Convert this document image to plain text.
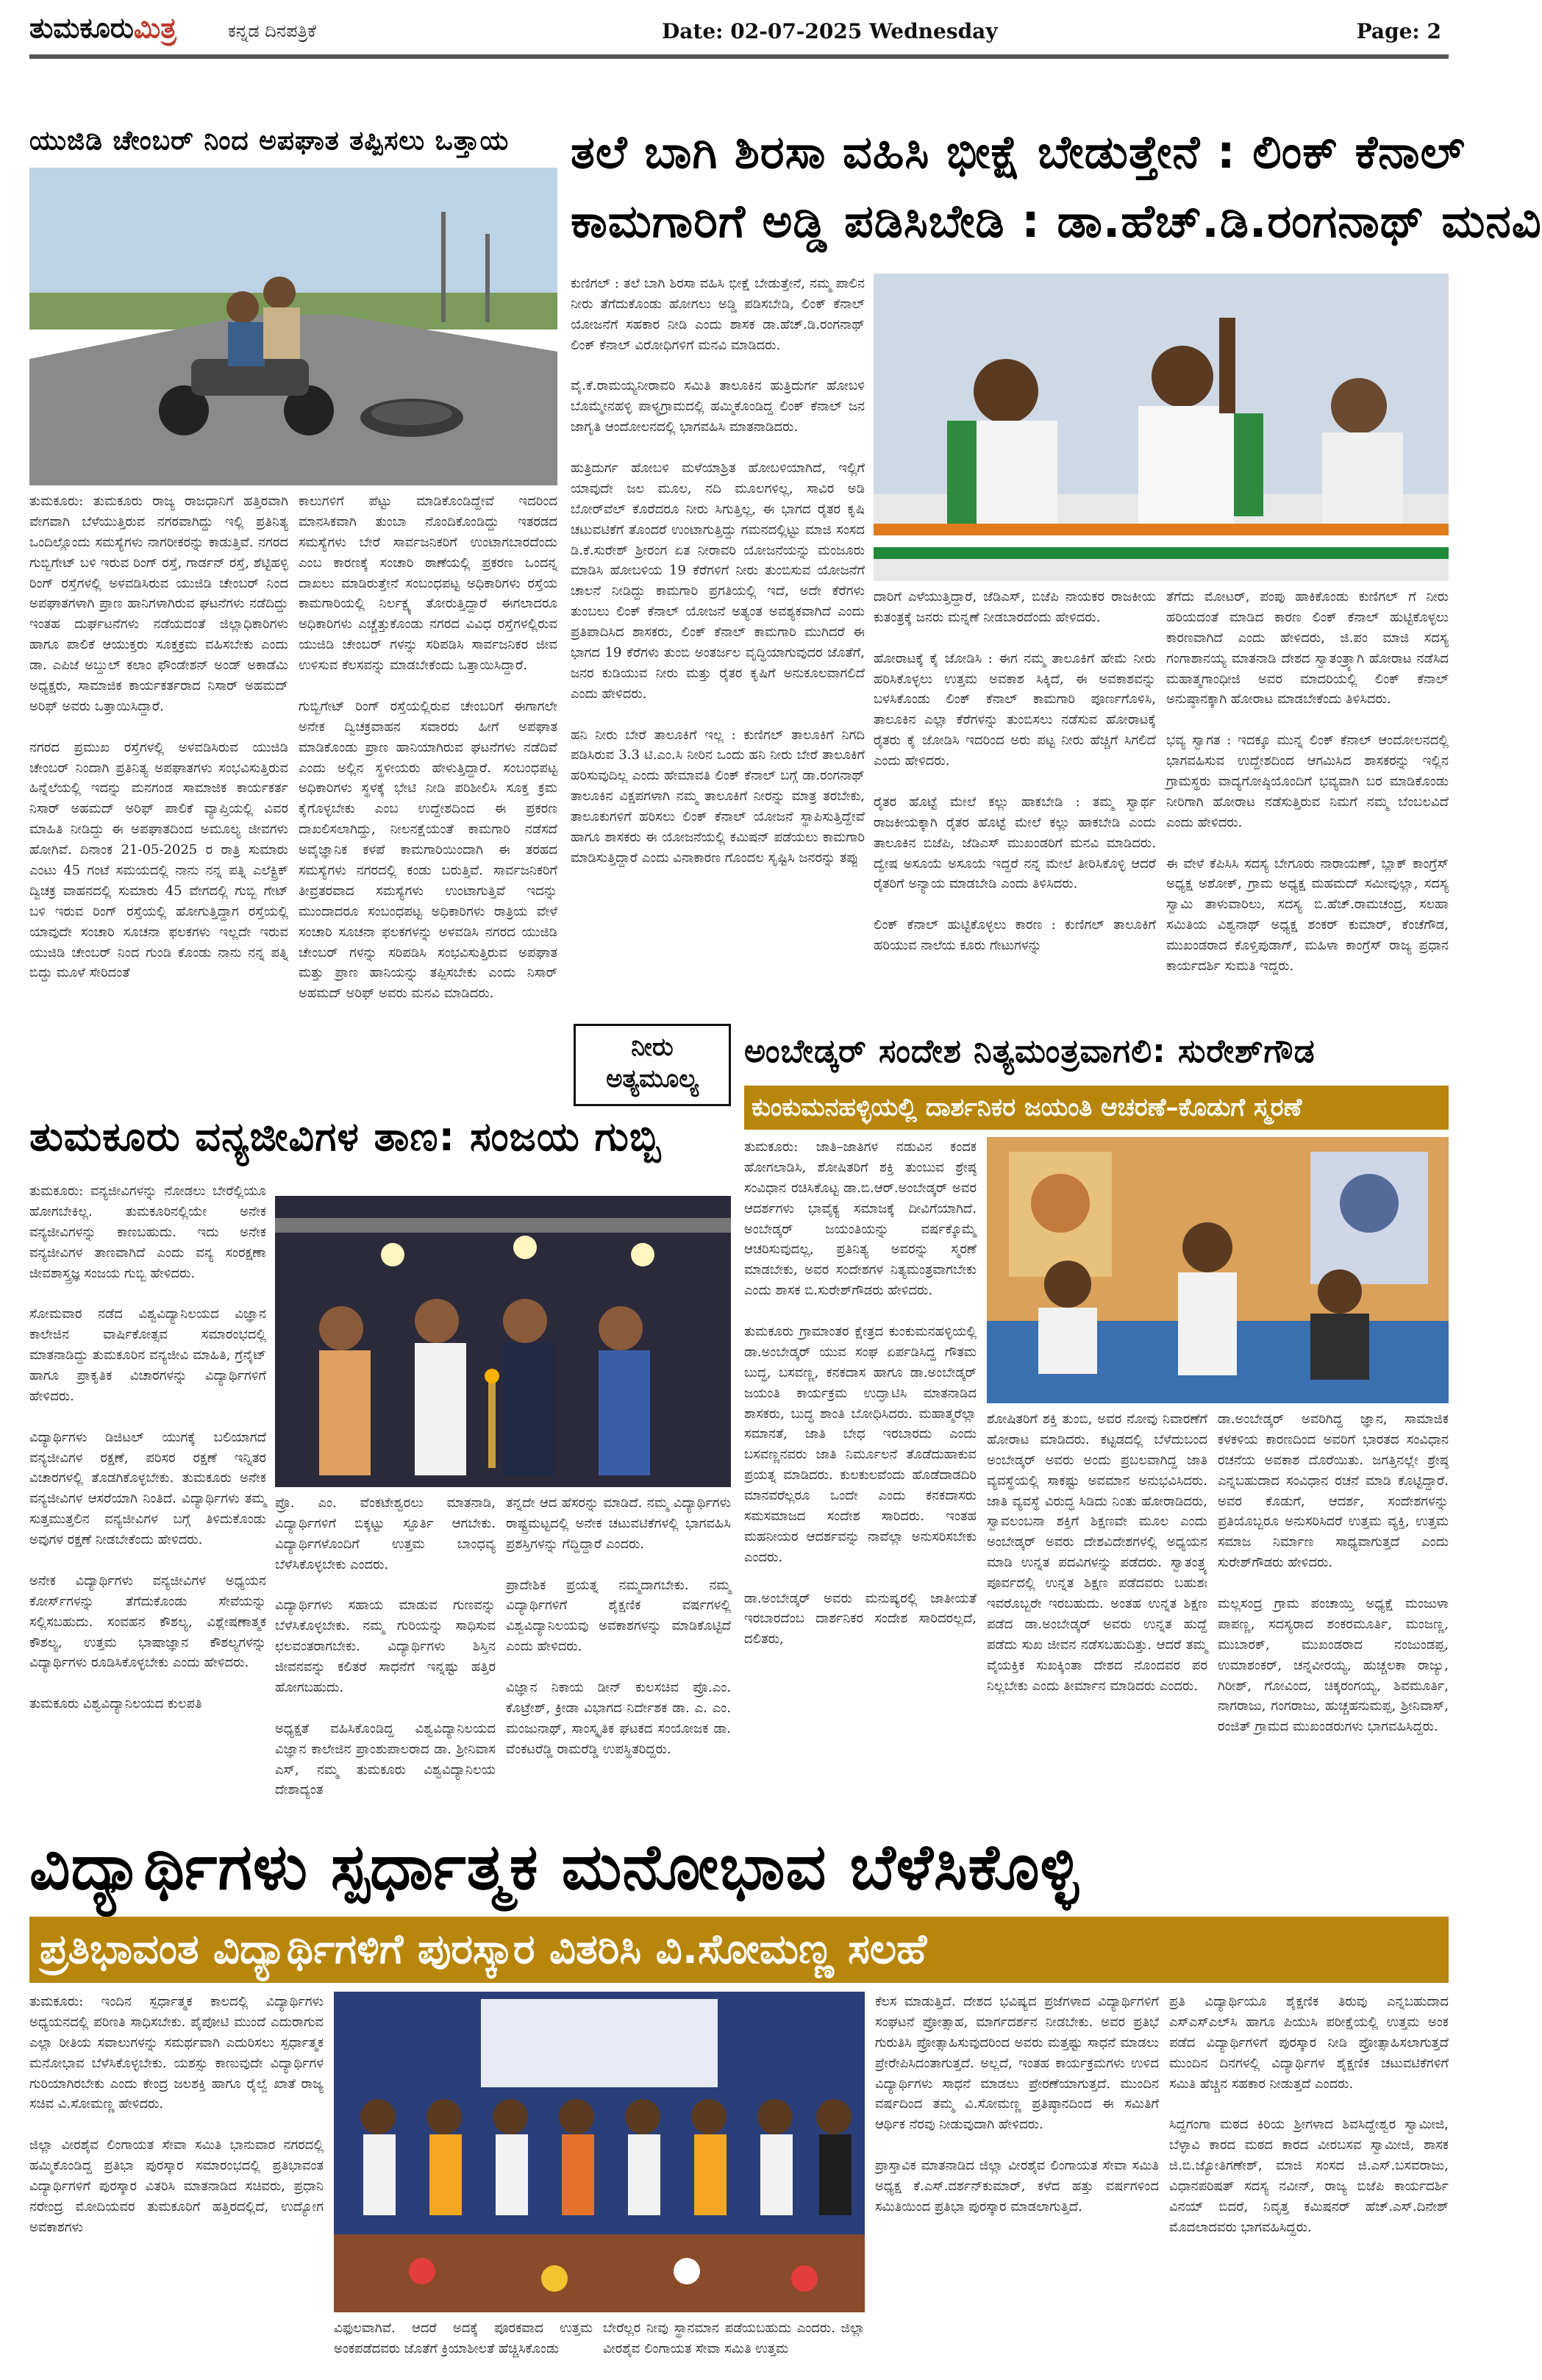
ತುಮಕೂರುಮಿತ್ರ	ಕನ್ನಡ ದಿನಪತ್ರಿಕೆ	Date: 02-07-2025 Wednesday	Page: 2
ಯುಜಿಡಿ ಚೇಂಬರ್ ನಿಂದ ಅಪಘಾತ ತಪ್ಪಿಸಲು ಒತ್ತಾಯ
ತುಮಕೂರು: ತುಮಕೂರು ರಾಜ್ಯ ರಾಜಧಾನಿಗೆ ಹತ್ತಿರವಾಗಿ ವೇಗವಾಗಿ ಬೆಳೆಯುತ್ತಿರುವ ನಗರವಾಗಿದ್ದು ಇಲ್ಲಿ ಪ್ರತಿನಿತ್ಯ ಒಂದಿಲ್ಲೊಂದು ಸಮಸ್ಯೆಗಳು ನಾಗರೀಕರನ್ನು ಕಾಡುತ್ತಿವೆ. ನಗರದ ಗುಬ್ಬಿಗೇಟ್ ಬಳಿ ಇರುವ ರಿಂಗ್ ರಸ್ತೆ, ಗಾರ್ಡನ್ ರಸ್ತೆ, ಶೆಟ್ಟಿಹಳ್ಳಿ ರಿಂಗ್ ರಸ್ತೆಗಳಲ್ಲಿ ಅಳವಡಿಸಿರುವ ಯುಜಿಡಿ ಚೇಂಬರ್ ನಿಂದ ಅಪಘಾತಗಳಾಗಿ ಪ್ರಾಣ ಹಾನಿಗಳಾಗಿರುವ ಘಟನೆಗಳು ನಡೆದಿದ್ದು ಇಂತಹ ದುರ್ಘಟನೆಗಳು ನಡೆಯದಂತೆ ಜಿಲ್ಲಾಧಿಕಾರಿಗಳು ಹಾಗೂ ಪಾಲಿಕೆ ಆಯುಕ್ತರು ಸೂಕ್ತಕ್ರಮ ವಹಿಸಬೇಕು ಎಂದು ಡಾ. ಎಪಿಜೆ ಅಬ್ದುಲ್ ಕಲಾಂ ಫೌಂಡೇಶನ್ ಅಂಡ್ ಅಕಾಡೆಮಿ ಅಧ್ಯಕ್ಷರು, ಸಾಮಾಜಿಕ ಕಾರ್ಯಕರ್ತರಾದ ನಿಸಾರ್ ಅಹಮದ್ ಅರಿಫ್ ಅವರು ಒತ್ತಾಯಿಸಿದ್ದಾರೆ.

ನಗರದ ಪ್ರಮುಖ ರಸ್ತೆಗಳಲ್ಲಿ ಅಳವಡಿಸಿರುವ ಯುಜಿಡಿ ಚೇಂಬರ್ ನಿಂದಾಗಿ ಪ್ರತಿನಿತ್ಯ ಅಪಘಾತಗಳು ಸಂಭವಿಸುತ್ತಿರುವ ಹಿನ್ನೆಲೆಯಲ್ಲಿ ಇದನ್ನು ಮನಗಂಡ ಸಾಮಾಜಿಕ ಕಾರ್ಯಕರ್ತ ನಿಸಾರ್ ಅಹಮದ್ ಅರಿಫ್ ಪಾಲಿಕೆ ವ್ಯಾಪ್ತಿಯಲ್ಲಿ ವಿವರ ಮಾಹಿತಿ ನೀಡಿದ್ದು ಈ ಅಪಘಾತದಿಂದ ಅಮೂಲ್ಯ ಜೀವಗಳು ಹೋಗಿವೆ. ದಿನಾಂಕ 21-05-2025 ರ ರಾತ್ರಿ ಸುಮಾರು ಎಂಟು 45 ಗಂಟೆ ಸಮಯದಲ್ಲಿ ನಾನು ನನ್ನ ಪತ್ನಿ ಎಲೆಕ್ಟ್ರಿಕ್ ದ್ವಿಚಕ್ರ ವಾಹನದಲ್ಲಿ ಸುಮಾರು 45 ವೇಗದಲ್ಲಿ ಗುಬ್ಬಿ ಗೇಟ್ ಬಳಿ ಇರುವ ರಿಂಗ್ ರಸ್ತೆಯಲ್ಲಿ ಹೋಗುತ್ತಿದ್ದಾಗ ರಸ್ತೆಯಲ್ಲಿ ಯಾವುದೇ ಸಂಚಾರಿ ಸೂಚನಾ ಫಲಕಗಳು ಇಲ್ಲದೇ ಇರುವ ಯುಜಿಡಿ ಚೇಂಬರ್ ನಿಂದ ಗುಂಡಿ ಕೊಂಡು ನಾನು ನನ್ನ ಪತ್ನಿ ಬಿದ್ದು ಮೂಳೆ ಸೇರಿದಂತೆ
ಕಾಲುಗಳಿಗೆ ಪೆಟ್ಟು ಮಾಡಿಕೊಂಡಿದ್ದೇವೆ ಇದರಿಂದ ಮಾನಸಿಕವಾಗಿ ತುಂಬಾ ನೊಂದಿಕೊಂಡಿದ್ದು ಇತರಡದ ಸಮಸ್ಯೆಗಳು ಬೇರೆ ಸಾರ್ವಜನಿಕರಿಗೆ ಉಂಟಾಗಬಾರದೆಂದು ಎಂಬ ಕಾರಣಕ್ಕೆ ಸಂಚಾರಿ ಠಾಣೆಯಲ್ಲಿ ಪ್ರಕರಣ ಒಂದನ್ನ ದಾಖಲು ಮಾಡಿರುತ್ತೇನೆ ಸಂಬಂಧಪಟ್ಟ ಅಧಿಕಾರಿಗಳು ರಸ್ತೆಯ ಕಾಮಗಾರಿಯಲ್ಲಿ ನಿರ್ಲಕ್ಷ್ಯ ತೋರುತ್ತಿದ್ದಾರೆ ಈಗಲಾದರೂ ಅಧಿಕಾರಿಗಳು ಎಚ್ಚೆತ್ತುಕೊಂಡು ನಗರದ ವಿವಿಧ ರಸ್ತೆಗಳಲ್ಲಿರುವ ಯುಜಿಡಿ ಚೇಂಬರ್ ಗಳನ್ನು ಸರಿಪಡಿಸಿ ಸಾರ್ವಜನಿಕರ ಜೀವ ಉಳಿಸುವ ಕೆಲಸವನ್ನು ಮಾಡಬೇಕೆಂದು ಒತ್ತಾಯಿಸಿದ್ದಾರೆ.

ಗುಬ್ಬಿಗೇಟ್ ರಿಂಗ್ ರಸ್ತೆಯಲ್ಲಿರುವ ಚೇಂಬರಿಗೆ ಈಗಾಗಲೇ ಅನೇಕ ದ್ವಿಚಕ್ರವಾಹನ ಸವಾರರು ಹೀಗೆ ಅಪಘಾತ ಮಾಡಿಕೊಂಡು ಪ್ರಾಣ ಹಾನಿಯಾಗಿರುವ ಘಟನೆಗಳು ನಡೆದಿವೆ ಎಂದು ಅಲ್ಲಿನ ಸ್ಥಳೀಯರು ಹೇಳುತ್ತಿದ್ದಾರೆ. ಸಂಬಂಧಪಟ್ಟ ಅಧಿಕಾರಿಗಳು ಸ್ಥಳಕ್ಕೆ ಭೇಟಿ ನೀಡಿ ಪರಿಶೀಲಿಸಿ ಸೂಕ್ತ ಕ್ರಮ ಕೈಗೊಳ್ಳಬೇಕು ಎಂಬ ಉದ್ದೇಶದಿಂದ ಈ ಪ್ರಕರಣ ದಾಖಲಿಸಲಾಗಿದ್ದು, ನೀಲನಕ್ಷೆಯಂತೆ ಕಾಮಗಾರಿ ನಡೆಸದೆ ಅವೈಜ್ಞಾನಿಕ ಕಳಪೆ ಕಾಮಗಾರಿಯಿಂದಾಗಿ ಈ ತರಹದ ಸಮಸ್ಯೆಗಳು ನಗರದಲ್ಲಿ ಕಂಡು ಬರುತ್ತಿವೆ. ಸಾರ್ವಜನಿಕರಿಗೆ ತೀವ್ರತರವಾದ ಸಮಸ್ಯೆಗಳು ಉಂಟಾಗುತ್ತಿವೆ ಇದನ್ನು ಮುಂದಾದರೂ ಸಂಬಂಧಪಟ್ಟ ಅಧಿಕಾರಿಗಳು ರಾತ್ರಿಯ ವೇಳೆ ಸಂಚಾರಿ ಸೂಚನಾ ಫಲಕಗಳನ್ನು ಅಳವಡಿಸಿ ನಗರದ ಯುಜಿಡಿ ಚೇಂಬರ್ ಗಳನ್ನು ಸರಿಪಡಿಸಿ ಸಂಭವಿಸುತ್ತಿರುವ ಅಪಘಾತ ಮತ್ತು ಪ್ರಾಣ ಹಾನಿಯನ್ನು ತಪ್ಪಿಸಬೇಕು ಎಂದು ನಿಸಾರ್ ಅಹಮದ್ ಅರಿಫ್ ಅವರು ಮನವಿ ಮಾಡಿದರು.
ತಲೆ ಬಾಗಿ ಶಿರಸಾ ವಹಿಸಿ ಭೀಕ್ಷೆ ಬೇಡುತ್ತೇನೆ : ಲಿಂಕ್ ಕೆನಾಲ್
ಕಾಮಗಾರಿಗೆ ಅಡ್ಡಿ ಪಡಿಸಿಬೇಡಿ : ಡಾ.ಹೆಚ್.ಡಿ.ರಂಗನಾಥ್ ಮನವಿ
ಕುಣಿಗಲ್ : ತಲೆ ಬಾಗಿ ಶಿರಸಾ ವಹಿಸಿ ಭೀಕ್ಷೆ ಬೇಡುತ್ತೇನೆ, ನಮ್ಮ ಪಾಲಿನ ನೀರು ತೆಗೆದುಕೊಂಡು ಹೋಗಲು ಅಡ್ಡಿ ಪಡಿಸಬೇಡಿ, ಲಿಂಕ್ ಕೆನಾಲ್ ಯೋಜನೆಗೆ ಸಹಕಾರ ನೀಡಿ ಎಂದು ಶಾಸಕ ಡಾ.ಹೆಚ್.ಡಿ.ರಂಗನಾಥ್ ಲಿಂಕ್ ಕೆನಾಲ್ ವಿರೋಧಿಗಳಿಗೆ ಮನವಿ ಮಾಡಿದರು.

ವೈ.ಕೆ.ರಾಮಯ್ಯನೀರಾವರಿ ಸಮಿತಿ ತಾಲೂಕಿನ ಹುತ್ರಿದುರ್ಗ ಹೋಬಳಿ ಬೊಮ್ಮೇನಹಳ್ಳಿ ಪಾಳ್ಯಗ್ರಾಮದಲ್ಲಿ ಹಮ್ಮಿಕೊಂಡಿದ್ದ ಲಿಂಕ್ ಕೆನಾಲ್ ಜನ ಜಾಗೃತಿ ಆಂದೋಲನದಲ್ಲಿ ಭಾಗವಹಿಸಿ ಮಾತನಾಡಿದರು.

ಹುತ್ರಿದುರ್ಗ ಹೋಬಳಿ ಮಳೆಯಾಶ್ರಿತ ಹೋಬಳಿಯಾಗಿದೆ, ಇಲ್ಲಿಗೆ ಯಾವುದೇ ಜಲ ಮೂಲ, ನದಿ ಮೂಲಗಳಿಲ್ಲ, ಸಾವಿರ ಅಡಿ ಬೋರ್‌ವೆಲ್ ಕೊರೆದರೂ ನೀರು ಸಿಗುತ್ತಿಲ್ಲ, ಈ ಭಾಗದ ರೈತರ ಕೃಷಿ ಚಟುವಟಿಕೆಗೆ ತೊಂದರೆ ಉಂಟಾಗುತ್ತಿದ್ದು ಗಮನದಲ್ಲಿಟ್ಟು ಮಾಜಿ ಸಂಸದ ಡಿ.ಕೆ.ಸುರೇಶ್ ಶ್ರೀರಂಗ ಏತ ನೀರಾವರಿ ಯೋಜನೆಯನ್ನು ಮಂಜೂರು ಮಾಡಿಸಿ ಹೋಬಳಿಯ 19 ಕೆರೆಗಳಿಗೆ ನೀರು ತುಂಬಿಸುವ ಯೋಜನೆಗೆ ಚಾಲನೆ ನೀಡಿದ್ದು ಕಾಮಗಾರಿ ಪ್ರಗತಿಯಲ್ಲಿ ಇದೆ, ಅದೇ ಕೆರೆಗಳು ತುಂಬಲು ಲಿಂಕ್ ಕೆನಾಲ್ ಯೋಜನೆ ಅತ್ಯಂತ ಅವಶ್ಯಕವಾಗಿದೆ ಎಂದು ಪ್ರತಿಪಾದಿಸಿದ ಶಾಸಕರು, ಲಿಂಕ್ ಕೆನಾಲ್ ಕಾಮಗಾರಿ ಮುಗಿದರೆ ಈ ಭಾಗದ 19 ಕೆರೆಗಳು ತುಂಬಿ ಅಂತರ್ಜಲ ವೃದ್ಧಿಯಾಗುವುದರ ಜೊತೆಗೆ, ಜನರ ಕುಡಿಯುವ ನೀರು ಮತ್ತು ರೈತರ ಕೃಷಿಗೆ ಅನುಕೂಲವಾಗಲಿದೆ ಎಂದು ಹೇಳಿದರು.

ಹನಿ ನೀರು ಬೇರೆ ತಾಲೂಕಿಗೆ ಇಲ್ಲ : ಕುಣಿಗಲ್ ತಾಲೂಕಿಗೆ ನಿಗದಿ ಪಡಿಸಿರುವ 3.3 ಟಿ.ಎಂ.ಸಿ ನೀರಿನ ಒಂದು ಹನಿ ನೀರು ಬೇರೆ ತಾಲೂಕಿಗೆ ಹರಿಸುವುದಿಲ್ಲ ಎಂದು ಹೇಮಾವತಿ ಲಿಂಕ್ ಕೆನಾಲ್ ಬಗ್ಗೆ ಡಾ.ರಂಗನಾಥ್ ತಾಲೂಕಿನ ವಿಕ್ಷಪಗಳಾಗಿ ನಮ್ಮ ತಾಲೂಕಿಗೆ ನೀರನ್ನು ಮಾತ್ರ ತರಬೇಕು, ತಾಲೂಕುಗಳಿಗೆ ಹರಿಸಲು ಲಿಂಕ್ ಕೆನಾಲ್ ಯೋಜನೆ ಸ್ಥಾಪಿಸುತ್ತಿದ್ದೇವೆ ಹಾಗೂ ಶಾಸಕರು ಈ ಯೋಜನೆಯಲ್ಲಿ ಕಮಿಷನ್ ಪಡೆಯಲು ಕಾಮಗಾರಿ ಮಾಡಿಸುತ್ತಿದ್ದಾರೆ ಎಂದು ವಿನಾಕಾರಣ ಗೊಂದಲ ಸೃಷ್ಟಿಸಿ ಜನರನ್ನು ತಪ್ಪು
ದಾರಿಗೆ ಎಳೆಯುತ್ತಿದ್ದಾರೆ, ಜೆಡಿಎಸ್, ಬಿಜೆಪಿ ನಾಯಕರ ರಾಜಕೀಯ ಕುತಂತ್ರಕ್ಕೆ ಜನರು ಮನ್ನಣೆ ನೀಡಬಾರದೆಂದು ಹೇಳಿದರು.

ಹೋರಾಟಕ್ಕೆ ಕೈ ಜೋಡಿಸಿ : ಈಗ ನಮ್ಮ ತಾಲೂಕಿಗೆ ಹೇಮೆ ನೀರು ಹರಿಸಿಕೊಳ್ಳಲು ಉತ್ತಮ ಅವಕಾಶ ಸಿಕ್ಕಿದೆ, ಈ ಅವಕಾಶವನ್ನು ಬಳಸಿಕೊಂಡು ಲಿಂಕ್ ಕೆನಾಲ್ ಕಾಮಗಾರಿ ಪೂರ್ಣಗೊಳಿಸಿ, ತಾಲೂಕಿನ ಎಲ್ಲಾ ಕೆರೆಗಳನ್ನು ತುಂಬಿಸಲು ನಡೆಸುವ ಹೋರಾಟಕ್ಕೆ ರೈತರು ಕೈ ಜೋಡಿಸಿ ಇದರಿಂದ ಅರು ಪಟ್ಟ ನೀರು ಹೆಚ್ಚಿಗೆ ಸಿಗಲಿದೆ ಎಂದು ಹೇಳಿದರು.

ರೈತರ ಹೊಟ್ಟೆ ಮೇಲೆ ಕಲ್ಲು ಹಾಕಬೇಡಿ : ತಮ್ಮ ಸ್ವಾರ್ಥ ರಾಜಕೀಯಕ್ಕಾಗಿ ರೈತರ ಹೊಟ್ಟೆ ಮೇಲೆ ಕಲ್ಲು ಹಾಕಬೇಡಿ ಎಂದು ತಾಲೂಕಿನ ಬಿಜೆಪಿ, ಜೆಡಿಎಸ್ ಮುಖಂಡರಿಗೆ ಮನವಿ ಮಾಡಿದರು. ದ್ವೇಷ ಅಸೂಯೆ ಅಸೂಯೆ ಇದ್ದರೆ ನನ್ನ ಮೇಲೆ ತೀರಿಸಿಕೊಳ್ಳಿ ಆದರೆ ರೈತರಿಗೆ ಅನ್ಯಾಯ ಮಾಡಬೇಡಿ ಎಂದು ತಿಳಿಸಿದರು.

ಲಿಂಕ್ ಕೆನಾಲ್ ಹುಟ್ಟಿಕೊಳ್ಳಲು ಕಾರಣ : ಕುಣಿಗಲ್ ತಾಲೂಕಿಗೆ ಹರಿಯುವ ನಾಲೆಯ ಕೂರು ಗೇಟುಗಳನ್ನು
ತೆಗೆದು ಮೋಟರ್, ಪಂಪು ಹಾಕಿಕೊಂಡು ಕುಣಿಗಲ್ ಗೆ ನೀರು ಹರಿಯದಂತೆ ಮಾಡಿದ ಕಾರಣ ಲಿಂಕ್ ಕೆನಾಲ್ ಹುಟ್ಟಿಕೊಳ್ಳಲು ಕಾರಣವಾಗಿದೆ ಎಂದು ಹೇಳಿದರು, ಜಿ.ಪಂ ಮಾಜಿ ಸದಸ್ಯ ಗಂಗಾಶಾನಯ್ಯ ಮಾತನಾಡಿ ದೇಶದ ಸ್ವಾತಂತ್ರ್ಯಾಗಿ ಹೋರಾಟ ನಡೆಸಿದ ಮಹಾತ್ಮಗಾಂಧೀಜಿ ಅವರ ಮಾದರಿಯಲ್ಲಿ ಲಿಂಕ್ ಕೆನಾಲ್ ಅನುಷ್ಠಾನಕ್ಕಾಗಿ ಹೋರಾಟ ಮಾಡಬೇಕೆಂದು ತಿಳಿಸಿದರು.

ಭವ್ಯ ಸ್ವಾಗತ : ಇದಕ್ಕೂ ಮುನ್ನ ಲಿಂಕ್ ಕೆನಾಲ್ ಆಂದೋಲನದಲ್ಲಿ ಭಾಗವಹಿಸುವ ಉದ್ದೇಶದಿಂದ ಆಗಮಿಸಿದ ಶಾಸಕರನ್ನು ಇಲ್ಲಿನ ಗ್ರಾಮಸ್ಥರು ವಾದ್ಯಗೋಷ್ಠಿಯೊಂದಿಗೆ ಭವ್ಯವಾಗಿ ಬರ ಮಾಡಿಕೊಂಡು ನೀರಿಗಾಗಿ ಹೋರಾಟ ನಡೆಸುತ್ತಿರುವ ನಿಮಗೆ ನಮ್ಮ ಬೆಂಬಲವಿದೆ ಎಂದು ಹೇಳಿದರು.

ಈ ವೇಳೆ ಕೆಪಿಸಿಸಿ ಸದಸ್ಯ ಬೇಗೂರು ನಾರಾಯಣ್, ಬ್ಲಾಕ್ ಕಾಂಗ್ರೆಸ್ ಅಧ್ಯಕ್ಷ ಅಶೋಕ್, ಗ್ರಾಮ ಅಧ್ಯಕ್ಷ ಮಹಮದ್ ಸಮೀವುಲ್ಲಾ, ಸದಸ್ಯ ಸ್ವಾಮಿ ತಾಳುವಾರಿಲು, ಸದಸ್ಯ ಬಿ.ಹೆಚ್.ರಾಮಚಂದ್ರ, ಸಲಹಾ ಸಮಿತಿಯ ವಿಶ್ವನಾಥ್ ಅಧ್ಯಕ್ಷ ಶಂಕರ್ ಕುಮಾರ್, ಕೆಂಚೆಗೌಡ, ಮುಖಂಡರಾದ ಕೊಳ್ತಿಪುಡಾಗ್, ಮಹಿಳಾ ಕಾಂಗ್ರೆಸ್ ರಾಜ್ಯ ಪ್ರಧಾನ ಕಾರ್ಯದರ್ಶಿ ಸುಮತಿ ಇದ್ದರು.
ನೀರು
ಅತ್ಯಮೂಲ್ಯ
ಅಂಬೇಡ್ಕರ್ ಸಂದೇಶ ನಿತ್ಯಮಂತ್ರವಾಗಲಿ: ಸುರೇಶ್‌ಗೌಡ
ಕುಂಕುಮನಹಳ್ಳಿಯಲ್ಲಿ ದಾರ್ಶನಿಕರ ಜಯಂತಿ ಆಚರಣೆ–ಕೊಡುಗೆ ಸ್ಮರಣೆ
ತುಮಕೂರು: ಜಾತಿ–ಜಾತಿಗಳ ನಡುವಿನ ಕಂದಕ ಹೋಗಲಾಡಿಸಿ, ಶೋಷಿತರಿಗೆ ಶಕ್ತಿ ತುಂಬುವ ಶ್ರೇಷ್ಠ ಸಂವಿಧಾನ ರಚಿಸಿಕೊಟ್ಟ ಡಾ.ಬಿ.ಆರ್.ಅಂಬೇಡ್ಕರ್ ಅವರ ಆದರ್ಶಗಳು ಭಾವೈಕ್ಯ ಸಮಾಜಕ್ಕೆ ದೀವಿಗೆಯಾಗಿದೆ. ಅಂಬೇಡ್ಕರ್ ಜಯಂತಿಯನ್ನು ವರ್ಷಕ್ಕೊಮ್ಮೆ ಆಚರಿಸುವುದಲ್ಲ, ಪ್ರತಿನಿತ್ಯ ಅವರನ್ನು ಸ್ಮರಣೆ ಮಾಡಬೇಕು, ಅವರ ಸಂದೇಶಗಳ ನಿತ್ಯಮಂತ್ರವಾಗಬೇಕು ಎಂದು ಶಾಸಕ ಬಿ.ಸುರೇಶ್‌ಗೌಡರು ಹೇಳಿದರು.

ತುಮಕೂರು ಗ್ರಾಮಾಂತರ ಕ್ಷೇತ್ರದ ಕುಂಕುಮನಹಳ್ಳಿಯಲ್ಲಿ ಡಾ.ಅಂಬೇಡ್ಕರ್ ಯುವ ಸಂಘ ಏರ್ಪಡಿಸಿದ್ದ ಗೌತಮ ಬುದ್ಧ, ಬಸವಣ್ಣ, ಕನಕದಾಸ ಹಾಗೂ ಡಾ.ಅಂಬೇಡ್ಕರ್ ಜಯಂತಿ ಕಾರ್ಯಕ್ರಮ ಉದ್ಘಾಟಿಸಿ ಮಾತನಾಡಿದ ಶಾಸಕರು, ಬುದ್ಧ ಶಾಂತಿ ಬೋಧಿಸಿದರು. ಮಹಾತ್ಮರೆಲ್ಲಾ ಸಮಾನತೆ, ಜಾತಿ ಬೇಧ ಇರಬಾರದು ಎಂದು ಬಸವಣ್ಣನವರು ಜಾತಿ ನಿರ್ಮೂಲನೆ ತೊಡೆದುಹಾಕುವ ಪ್ರಯತ್ನ ಮಾಡಿದರು. ಕುಲಕುಲವೆಂದು ಹೊಡೆದಾಡದಿರಿ ಮಾನವರೆಲ್ಲರೂ ಒಂದೇ ಎಂದು ಕನಕದಾಸರು ಸಮಸಮಾಜದ ಸಂದೇಶ ಸಾರಿದರು. ಇಂತಹ ಮಹನೀಯರ ಆದರ್ಶವನ್ನು ನಾವೆಲ್ಲಾ ಅನುಸರಿಸಬೇಕು ಎಂದರು.

ಡಾ.ಅಂಬೇಡ್ಕರ್ ಅವರು ಮನುಷ್ಯರಲ್ಲಿ ಜಾತೀಯತೆ ಇರಬಾರದೆಂಬ ದಾರ್ಶನಿಕರ ಸಂದೇಶ ಸಾರಿದರಲ್ಲದೆ, ದಲಿತರು,
ಶೋಷಿತರಿಗೆ ಶಕ್ತಿ ತುಂಬಿ, ಅವರ ನೋವು ನಿವಾರಣೆಗೆ ಹೋರಾಟ ಮಾಡಿದರು. ಕಟ್ಟಡದಲ್ಲಿ ಬೆಳೆದುಬಂದ ಅಂಬೇಡ್ಕರ್ ಅವರು ಅಂದು ಪ್ರಬಲವಾಗಿದ್ದ ಜಾತಿ ವ್ಯವಸ್ಥೆಯಲ್ಲಿ ಸಾಕಷ್ಟು ಅವಮಾನ ಅನುಭವಿಸಿದರು. ಜಾತಿ ವ್ಯವಸ್ಥೆ ವಿರುದ್ಧ ಸಿಡಿದು ನಿಂತು ಹೋರಾಡಿದರು, ಸ್ವಾವಲಂಬನಾ ಶಕ್ತಿಗೆ ಶಿಕ್ಷಣವೇ ಮೂಲ ಎಂದು ಅಂಬೇಡ್ಕರ್ ಅವರು ದೇಶವಿದೇಶಗಳಲ್ಲಿ ಅಧ್ಯಯನ ಮಾಡಿ ಉನ್ನತ ಪದವಿಗಳನ್ನು ಪಡೆದರು. ಸ್ವಾತಂತ್ರ್ಯ ಪೂರ್ವದಲ್ಲಿ ಉನ್ನತ ಶಿಕ್ಷಣ ಪಡೆದವರು ಬಹುಶಃ ಇವರೊಬ್ಬರೇ ಇರಬಹುದು. ಅಂತಹ ಉನ್ನತ ಶಿಕ್ಷಣ ಪಡೆದ ಡಾ.ಅಂಬೇಡ್ಕರ್ ಅವರು ಉನ್ನತ ಹುದ್ದೆ ಪಡೆದು ಸುಖ ಜೀವನ ನಡೆಸಬಹುದಿತ್ತು. ಆದರೆ ತಮ್ಮ ವೈಯಕ್ತಿಕ ಸುಖಕ್ಕಿಂತಾ ದೇಶದ ನೊಂದವರ ಪರ ನಿಲ್ಲಬೇಕು ಎಂದು ತೀರ್ಮಾನ ಮಾಡಿದರು ಎಂದರು.
ಡಾ.ಅಂಬೇಡ್ಕರ್ ಅವರಿಗಿದ್ದ ಜ್ಞಾನ, ಸಾಮಾಜಿಕ ಕಳಕಳಿಯ ಕಾರಣದಿಂದ ಅವರಿಗೆ ಭಾರತದ ಸಂವಿಧಾನ ರಚನೆಯ ಅವಕಾಶ ದೊರೆಯಿತು. ಜಗತ್ತಿನಲ್ಲೇ ಶ್ರೇಷ್ಠ ಎನ್ನಬಹುದಾದ ಸಂವಿಧಾನ ರಚನೆ ಮಾಡಿ ಕೊಟ್ಟಿದ್ದಾರೆ. ಅವರ ಕೊಡುಗೆ, ಆದರ್ಶ, ಸಂದೇಶಗಳನ್ನು ಪ್ರತಿಯೊಬ್ಬರೂ ಅನುಸರಿಸಿದರೆ ಉತ್ತಮ ವ್ಯಕ್ತಿ, ಉತ್ತಮ ಸಮಾಜ ನಿರ್ಮಾಣ ಸಾಧ್ಯವಾಗುತ್ತದೆ ಎಂದು ಸುರೇಶ್‌ಗೌಡರು ಹೇಳಿದರು.

ಮಲ್ಲಸಂದ್ರ ಗ್ರಾಮ ಪಂಚಾಯ್ತಿ ಅಧ್ಯಕ್ಷೆ ಮಂಜುಳಾ ಪಾಪಣ್ಣ, ಸದಸ್ಯರಾದ ಶಂಕರಮೂರ್ತಿ, ಮಂಜಣ್ಣ, ಮುಬಾರಕ್, ಮುಖಂಡರಾದ ನಂಜುಂಡಪ್ಪ, ಉಮಾಶಂಕರ್, ಚನ್ನವೀರಯ್ಯ, ಹುಚ್ಚಲಕಾ ರಾಜ್ಯು, ಗಿರೀಶ್, ಗೋವಿಂದ, ಚಿಕ್ಕರಂಗಯ್ಯ, ಶಿವಮೂರ್ತಿ, ನಾಗರಾಜು, ಗಂಗರಾಜು, ಹುಚ್ಚಹನುಮಪ್ಪ, ಶ್ರೀನಿವಾಸ್, ರಂಜಿತ್ ಗ್ರಾಮದ ಮುಖಂಡರುಗಳು ಭಾಗವಹಿಸಿದ್ದರು.
ತುಮಕೂರು ವನ್ಯಜೀವಿಗಳ ತಾಣ: ಸಂಜಯ ಗುಬ್ಬಿ
ತುಮಕೂರು: ವನ್ಯಜೀವಿಗಳನ್ನು ನೋಡಲು ಬೇರೆಲ್ಲಿಯೂ ಹೋಗಬೇಕಿಲ್ಲ. ತುಮಕೂರಿನಲ್ಲಿಯೇ ಅನೇಕ ವನ್ಯಜೀವಿಗಳನ್ನು ಕಾಣಬಹುದು. ಇದು ಅನೇಕ ವನ್ಯಜೀವಿಗಳ ತಾಣವಾಗಿದೆ ಎಂದು ವನ್ಯ ಸಂರಕ್ಷಣಾ ಜೀವಶಾಸ್ತ್ರಜ್ಞ ಸಂಜಯ ಗುಬ್ಬಿ ಹೇಳಿದರು.

ಸೋಮವಾರ ನಡೆದ ವಿಶ್ವವಿದ್ಯಾನಿಲಯದ ವಿಜ್ಞಾನ ಕಾಲೇಜಿನ ವಾರ್ಷಿಕೋತ್ಸವ ಸಮಾರಂಭದಲ್ಲಿ ಮಾತನಾಡಿದ್ದು ತುಮಕೂರಿನ ವನ್ಯಜೀವಿ ಮಾಹಿತಿ, ಗ್ರೆನೈಟ್ ಹಾಗೂ ಪ್ರಾಕೃತಿಕ ವಿಚಾರಗಳನ್ನು ವಿದ್ಯಾರ್ಥಿಗಳಿಗೆ ಹೇಳಿದರು.

ವಿದ್ಯಾರ್ಥಿಗಳು ಡಿಜಿಟಲ್ ಯುಗಕ್ಕೆ ಬಲಿಯಾಗದೆ ವನ್ಯಜೀವಿಗಳ ರಕ್ಷಣೆ, ಪರಿಸರ ರಕ್ಷಣೆ ಇನ್ನಿತರ ವಿಚಾರಗಳಲ್ಲಿ ತೊಡಗಿಕೊಳ್ಳಬೇಕು. ತುಮಕೂರು ಅನೇಕ ವನ್ಯಜೀವಿಗಳ ಆಸರೆಯಾಗಿ ನಿಂತಿದೆ. ವಿದ್ಯಾರ್ಥಿಗಳು ತಮ್ಮ ಸುತ್ತಮುತ್ತಲಿನ ವನ್ಯಜೀವಿಗಳ ಬಗ್ಗೆ ತಿಳಿದುಕೊಂಡು ಅವುಗಳ ರಕ್ಷಣೆ ನೀಡಬೇಕೆಂದು ಹೇಳಿದರು.

ಅನೇಕ ವಿದ್ಯಾರ್ಥಿಗಳು ವನ್ಯಜೀವಿಗಳ ಅಧ್ಯಯನ ಕೋರ್ಸ್‌ಗಳನ್ನು ತೆಗೆದುಕೊಂಡು ಸೇವೆಯನ್ನು ಸಲ್ಲಿಸಬಹುದು. ಸಂವಹನ ಕೌಶಲ್ಯ, ವಿಶ್ಲೇಷಣಾತ್ಮಕ ಕೌಶಲ್ಯ, ಉತ್ತಮ ಭಾಷಾಜ್ಞಾನ ಕೌಶಲ್ಯಗಳನ್ನು ವಿದ್ಯಾರ್ಥಿಗಳು ರೂಡಿಸಿಕೊಳ್ಳಬೇಕು ಎಂದು ಹೇಳಿದರು.

ತುಮಕೂರು ವಿಶ್ವವಿದ್ಯಾನಿಲಯದ ಕುಲಪತಿ
ಪ್ರೊ. ಎಂ. ವೆಂಕಟೇಶ್ವರಲು ಮಾತನಾಡಿ, ವಿದ್ಯಾರ್ಥಿಗಳಿಗೆ ಬಿಕ್ಕಟ್ಟು ಸ್ಫೂರ್ತಿ ಆಗಬೇಕು. ವಿದ್ಯಾರ್ಥಿಗಳೊಂದಿಗೆ ಉತ್ತಮ ಬಾಂಧವ್ಯ ಬೆಳೆಸಿಕೊಳ್ಳಬೇಕು ಎಂದರು.

ವಿದ್ಯಾರ್ಥಿಗಳು ಸಹಾಯ ಮಾಡುವ ಗುಣವನ್ನು ಬೆಳೆಸಿಕೊಳ್ಳಬೇಕು. ನಮ್ಮ ಗುರಿಯನ್ನು ಸಾಧಿಸುವ ಛಲವಂತರಾಗಬೇಕು. ವಿದ್ಯಾರ್ಥಿಗಳು ಶಿಸ್ತಿನ ಜೀವನವನ್ನು ಕಲಿತರೆ ಸಾಧನೆಗೆ ಇನ್ನಷ್ಟು ಹತ್ತಿರ ಹೋಗಬಹುದು.

ಅಧ್ಯಕ್ಷತೆ ವಹಿಸಿಕೊಂಡಿದ್ದ ವಿಶ್ವವಿದ್ಯಾನಿಲಯದ ವಿಜ್ಞಾನ ಕಾಲೇಜಿನ ಪ್ರಾಂಶುಪಾಲರಾದ ಡಾ. ಶ್ರೀನಿವಾಸ ಎಸ್, ನಮ್ಮ ತುಮಕೂರು ವಿಶ್ವವಿದ್ಯಾನಿಲಯ ದೇಶಾದ್ಯಂತ
ತನ್ನದೇ ಆದ ಹೆಸರನ್ನು ಮಾಡಿದೆ. ನಮ್ಮ ವಿದ್ಯಾರ್ಥಿಗಳು ರಾಷ್ಟ್ರಮಟ್ಟದಲ್ಲಿ ಅನೇಕ ಚಟುವಟಿಕೆಗಳಲ್ಲಿ ಭಾಗವಹಿಸಿ ಪ್ರಶಸ್ತಿಗಳನ್ನು ಗೆದ್ದಿದ್ದಾರೆ ಎಂದರು.

ಪ್ರಾದೇಶಿಕ ಪ್ರಯತ್ನ ನಮ್ಮದಾಗಬೇಕು. ನಮ್ಮ ವಿದ್ಯಾರ್ಥಿಗಳಿಗೆ ಶೈಕ್ಷಣಿಕ ವರ್ಷಗಳಲ್ಲಿ ವಿಶ್ವವಿದ್ಯಾನಿಲಯವು ಅವಕಾಶಗಳನ್ನು ಮಾಡಿಕೊಟ್ಟಿದೆ ಎಂದು ಹೇಳಿದರು.

ವಿಜ್ಞಾನ ನಿಕಾಯ ಡೀನ್ ಕುಲಸಚಿವ ಪ್ರೊ.ಎಂ. ಕೊಟ್ರೇಶ್, ಕ್ರೀಡಾ ವಿಭಾಗದ ನಿರ್ದೇಶಕ ಡಾ. ಎ. ಎಂ. ಮಂಜುನಾಥ್, ಸಾಂಸ್ಕೃತಿಕ ಘಟಕದ ಸಂಯೋಜಕ ಡಾ. ವೆಂಕಟರೆಡ್ಡಿ ರಾಮರೆಡ್ಡಿ ಉಪಸ್ಥಿತರಿದ್ದರು.
ವಿದ್ಯಾರ್ಥಿಗಳು ಸ್ಪರ್ಧಾತ್ಮಕ ಮನೋಭಾವ ಬೆಳೆಸಿಕೊಳ್ಳಿ
ಪ್ರತಿಭಾವಂತ ವಿದ್ಯಾರ್ಥಿಗಳಿಗೆ ಪುರಸ್ಕಾರ ವಿತರಿಸಿ ವಿ.ಸೋಮಣ್ಣ ಸಲಹೆ
ತುಮಕೂರು: ಇಂದಿನ ಸ್ಪರ್ಧಾತ್ಮಕ ಕಾಲದಲ್ಲಿ ವಿದ್ಯಾರ್ಥಿಗಳು ಅಧ್ಯಯನದಲ್ಲಿ ಪರಿಣತಿ ಸಾಧಿಸಬೇಕು. ಪೈಪೋಟಿ ಮುಂದೆ ಎದುರಾಗುವ ಎಲ್ಲಾ ರೀತಿಯ ಸವಾಲುಗಳನ್ನು ಸಮರ್ಥವಾಗಿ ಎದುರಿಸಲು ಸ್ಪರ್ಧಾತ್ಮಕ ಮನೋಭಾವ ಬೆಳೆಸಿಕೊಳ್ಳಬೇಕು. ಯಶಸ್ಸು ಕಾಣುವುದೇ ವಿದ್ಯಾರ್ಥಿಗಳ ಗುರಿಯಾಗಿರಬೇಕು ಎಂದು ಕೇಂದ್ರ ಜಲಶಕ್ತಿ ಹಾಗೂ ರೈಲ್ವೆ ಖಾತೆ ರಾಜ್ಯ ಸಚಿವ ವಿ.ಸೋಮಣ್ಣ ಹೇಳಿದರು.

ಜಿಲ್ಲಾ ವೀರಶೈವ ಲಿಂಗಾಯತ ಸೇವಾ ಸಮಿತಿ ಭಾನುವಾರ ನಗರದಲ್ಲಿ ಹಮ್ಮಿಕೊಂಡಿದ್ದ ಪ್ರತಿಭಾ ಪುರಸ್ಕಾರ ಸಮಾರಂಭದಲ್ಲಿ ಪ್ರತಿಭಾವಂತ ವಿದ್ಯಾರ್ಥಿಗಳಿಗೆ ಪುರಸ್ಕಾರ ವಿತರಿಸಿ ಮಾತನಾಡಿದ ಸಚಿವರು, ಪ್ರಧಾನಿ ನರೇಂದ್ರ ಮೋದಿಯವರ ತುಮಕೂರಿಗೆ ಹತ್ತಿರದಲ್ಲಿದೆ, ಉದ್ಯೋಗ ಅವಕಾಶಗಳು
ವಿಫುಲವಾಗಿವೆ. ಆದರೆ ಅದಕ್ಕೆ ಪೂರಕವಾದ ಉತ್ತಮ ಅಂಕಪಡೆದವರು ಜೊತೆಗೆ ಕ್ರಿಯಾಶೀಲತೆ ಹೆಚ್ಚಿಸಿಕೊಂಡು
ಬೇರೆಲ್ಲರ ನೀವು ಸ್ಥಾನಮಾನ ಪಡೆಯಬಹುದು ಎಂದರು. ಜಿಲ್ಲಾ ವೀರಶೈವ ಲಿಂಗಾಯತ ಸೇವಾ ಸಮಿತಿ ಉತ್ತಮ
ಕೆಲಸ ಮಾಡುತ್ತಿದೆ. ದೇಶದ ಭವಿಷ್ಯದ ಪ್ರಜೆಗಳಾದ ವಿದ್ಯಾರ್ಥಿಗಳಿಗೆ ಸಂಘಟನೆ ಪ್ರೋತ್ಸಾಹ, ಮಾರ್ಗದರ್ಶನ ನೀಡಬೇಕು. ಅವರ ಪ್ರತಿಭೆ ಗುರುತಿಸಿ ಪ್ರೋತ್ಸಾಹಿಸುವುದರಿಂದ ಅವರು ಮತ್ತಷ್ಟು ಸಾಧನೆ ಮಾಡಲು ಪ್ರೇರೇಪಿಸಿದಂತಾಗುತ್ತದೆ. ಅಲ್ಲದೆ, ಇಂತಹ ಕಾರ್ಯಕ್ರಮಗಳು ಉಳಿದ ವಿದ್ಯಾರ್ಥಿಗಳು ಸಾಧನೆ ಮಾಡಲು ಪ್ರೇರಣೆಯಾಗುತ್ತದೆ. ಮುಂದಿನ ವರ್ಷದಿಂದ ತಮ್ಮ ವಿ.ಸೋಮಣ್ಣ ಪ್ರತಿಷ್ಠಾನದಿಂದ ಈ ಸಮಿತಿಗೆ ಆರ್ಥಿಕ ನೆರವು ನೀಡುವುದಾಗಿ ಹೇಳಿದರು.

ಪ್ರಾಸ್ತಾವಿಕ ಮಾತನಾಡಿದ ಜಿಲ್ಲಾ ವೀರಶೈವ ಲಿಂಗಾಯತ ಸೇವಾ ಸಮಿತಿ ಅಧ್ಯಕ್ಷ ಕೆ.ಎಸ್.ದರ್ಶನ್‌ಕುಮಾರ್, ಕಳೆದ ಹತ್ತು ವರ್ಷಗಳಿಂದ ಸಮಿತಿಯಿಂದ ಪ್ರತಿಭಾ ಪುರಸ್ಕಾರ ಮಾಡಲಾಗುತ್ತಿದೆ.
ಪ್ರತಿ ವಿದ್ಯಾರ್ಥಿಯೂ ಶೈಕ್ಷಣಿಕ ತಿರುವು ಎನ್ನಬಹುದಾದ ಎಸ್‌ಎಸ್‌ಎಲ್‌ಸಿ ಹಾಗೂ ಪಿಯುಸಿ ಪರೀಕ್ಷೆಯಲ್ಲಿ ಉತ್ತಮ ಅಂಕ ಪಡೆದ ವಿದ್ಯಾರ್ಥಿಗಳಿಗೆ ಪುರಸ್ಕಾರ ನೀಡಿ ಪ್ರೋತ್ಸಾಹಿಸಲಾಗುತ್ತದೆ ಮುಂದಿನ ದಿನಗಳಲ್ಲಿ ವಿದ್ಯಾರ್ಥಿಗಳ ಶೈಕ್ಷಣಿಕ ಚಟುವಟಿಕೆಗಳಿಗೆ ಸಮಿತಿ ಹೆಚ್ಚಿನ ಸಹಕಾರ ನೀಡುತ್ತದೆ ಎಂದರು.

ಸಿದ್ದಗಂಗಾ ಮಠದ ಕಿರಿಯ ಶ್ರೀಗಳಾದ ಶಿವಸಿದ್ದೇಶ್ವರ ಸ್ವಾಮೀಜಿ, ಬೆಳ್ಳಾವಿ ಕಾರದ ಮಠದ ಕಾರದ ವೀರಬಸವ ಸ್ವಾಮೀಜಿ, ಶಾಸಕ ಜಿ.ಬಿ.ಜ್ಯೋತಿಗಣೇಶ್, ಮಾಜಿ ಸಂಸದ ಜಿ.ಎಸ್.ಬಸವರಾಜು, ವಿಧಾನಪರಿಷತ್ ಸದಸ್ಯ ನವೀನ್, ರಾಜ್ಯ ಬಿಜೆಪಿ ಕಾರ್ಯದರ್ಶಿ ವಿನಯ್ ಬಿದರೆ, ನಿವೃತ್ತ ಕಮಿಷನರ್ ಹೆಚ್.ಎಸ್.ದಿನೇಶ್ ಮೊದಲಾದವರು ಭಾಗವಹಿಸಿದ್ದರು.
